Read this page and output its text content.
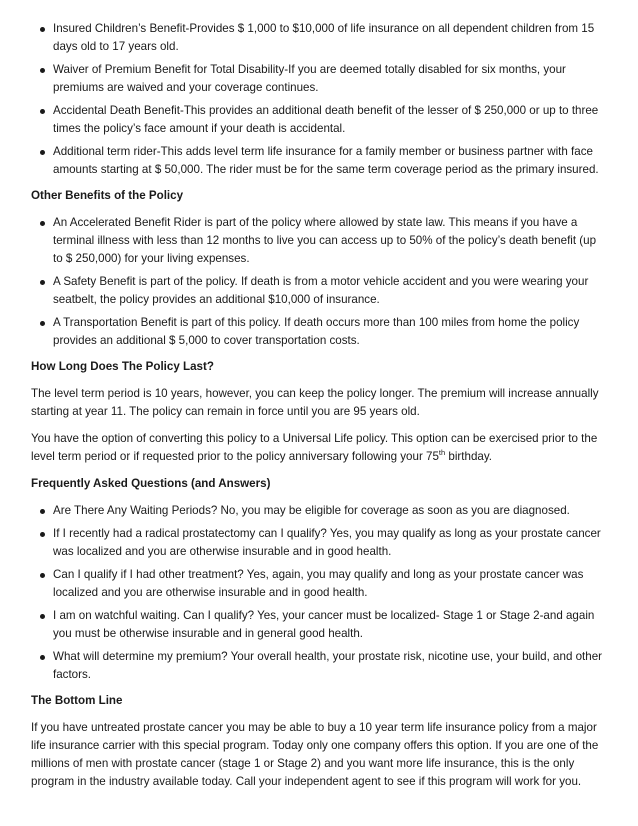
Insured Children’s Benefit-Provides $ 1,000 to $10,000 of life insurance on all dependent children from 15 days old to 17 years old.
Waiver of Premium Benefit for Total Disability-If you are deemed totally disabled for six months, your premiums are waived and your coverage continues.
Accidental Death Benefit-This provides an additional death benefit of the lesser of $ 250,000 or up to three times the policy’s face amount if your death is accidental.
Additional term rider-This adds level term life insurance for a family member or business partner with face amounts starting at $ 50,000. The rider must be for the same term coverage period as the primary insured.
Other Benefits of the Policy
An Accelerated Benefit Rider is part of the policy where allowed by state law. This means if you have a terminal illness with less than 12 months to live you can access up to 50% of the policy’s death benefit (up to $ 250,000) for your living expenses.
A Safety Benefit is part of the policy. If death is from a motor vehicle accident and you were wearing your seatbelt, the policy provides an additional $10,000 of insurance.
A Transportation Benefit is part of this policy. If death occurs more than 100 miles from home the policy provides an additional $ 5,000 to cover transportation costs.
How Long Does The Policy Last?

The level term period is 10 years, however, you can keep the policy longer. The premium will increase annually starting at year 11. The policy can remain in force until you are 95 years old.

You have the option of converting this policy to a Universal Life policy. This option can be exercised prior to the level term period or if requested prior to the policy anniversary following your 75th birthday.

Frequently Asked Questions (and Answers)
Are There Any Waiting Periods? No, you may be eligible for coverage as soon as you are diagnosed.
If I recently had a radical prostatectomy can I qualify? Yes, you may qualify as long as your prostate cancer was localized and you are otherwise insurable and in good health.
Can I qualify if I had other treatment? Yes, again, you may qualify and long as your prostate cancer was localized and you are otherwise insurable and in good health.
I am on watchful waiting. Can I qualify? Yes, your cancer must be localized- Stage 1 or Stage 2-and again you must be otherwise insurable and in general good health.
What will determine my premium? Your overall health, your prostate risk, nicotine use, your build, and other factors.
The Bottom Line

If you have untreated prostate cancer you may be able to buy a 10 year term life insurance policy from a major life insurance carrier with this special program. Today only one company offers this option. If you are one of the millions of men with prostate cancer (stage 1 or Stage 2) and you want more life insurance, this is the only program in the industry available today. Call your independent agent to see if this program will work for you.
